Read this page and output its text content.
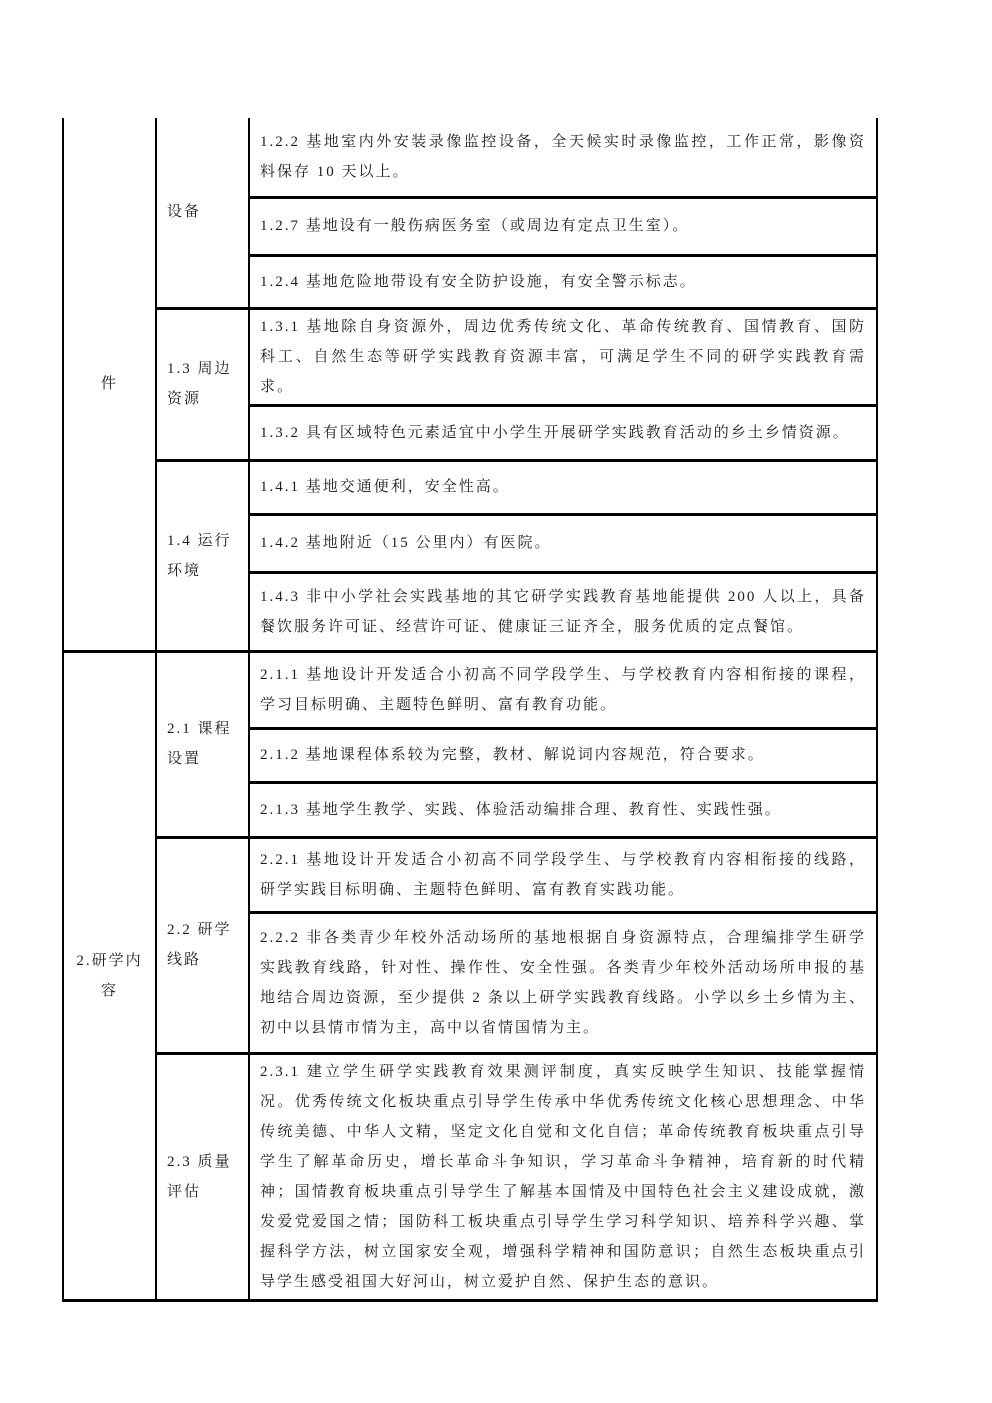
件	设备	1.2.2 基地室内外安装录像监控设备，全天候实时录像监控，工作正常，影像资料保存 10 天以上。
		1.2.7 基地设有一般伤病医务室（或周边有定点卫生室）。
		1.2.4 基地危险地带设有安全防护设施，有安全警示标志。
	1.3 周边资源	1.3.1 基地除自身资源外，周边优秀传统文化、革命传统教育、国情教育、国防科工、自然生态等研学实践教育资源丰富，可满足学生不同的研学实践教育需求。
		1.3.2 具有区域特色元素适宜中小学生开展研学实践教育活动的乡土乡情资源。
	1.4 运行环境	1.4.1 基地交通便利，安全性高。
		1.4.2 基地附近（15 公里内）有医院。
		1.4.3 非中小学社会实践基地的其它研学实践教育基地能提供 200 人以上，具备餐饮服务许可证、经营许可证、健康证三证齐全，服务优质的定点餐馆。
2.研学内容	2.1 课程设置	2.1.1 基地设计开发适合小初高不同学段学生、与学校教育内容相衔接的课程，学习目标明确、主题特色鲜明、富有教育功能。
		2.1.2 基地课程体系较为完整，教材、解说词内容规范，符合要求。
		2.1.3 基地学生教学、实践、体验活动编排合理、教育性、实践性强。
	2.2 研学线路	2.2.1 基地设计开发适合小初高不同学段学生、与学校教育内容相衔接的线路，研学实践目标明确、主题特色鲜明、富有教育实践功能。
		2.2.2 非各类青少年校外活动场所的基地根据自身资源特点，合理编排学生研学实践教育线路，针对性、操作性、安全性强。各类青少年校外活动场所申报的基地结合周边资源，至少提供 2 条以上研学实践教育线路。小学以乡土乡情为主、初中以县情市情为主，高中以省情国情为主。
	2.3 质量评估	2.3.1 建立学生研学实践教育效果测评制度，真实反映学生知识、技能掌握情况。优秀传统文化板块重点引导学生传承中华优秀传统文化核心思想理念、中华传统美德、中华人文精，坚定文化自觉和文化自信；革命传统教育板块重点引导学生了解革命历史，增长革命斗争知识，学习革命斗争精神，培育新的时代精神；国情教育板块重点引导学生了解基本国情及中国特色社会主义建设成就，激发爱党爱国之情；国防科工板块重点引导学生学习科学知识、培养科学兴趣、掌握科学方法，树立国家安全观，增强科学精神和国防意识；自然生态板块重点引导学生感受祖国大好河山，树立爱护自然、保护生态的意识。
